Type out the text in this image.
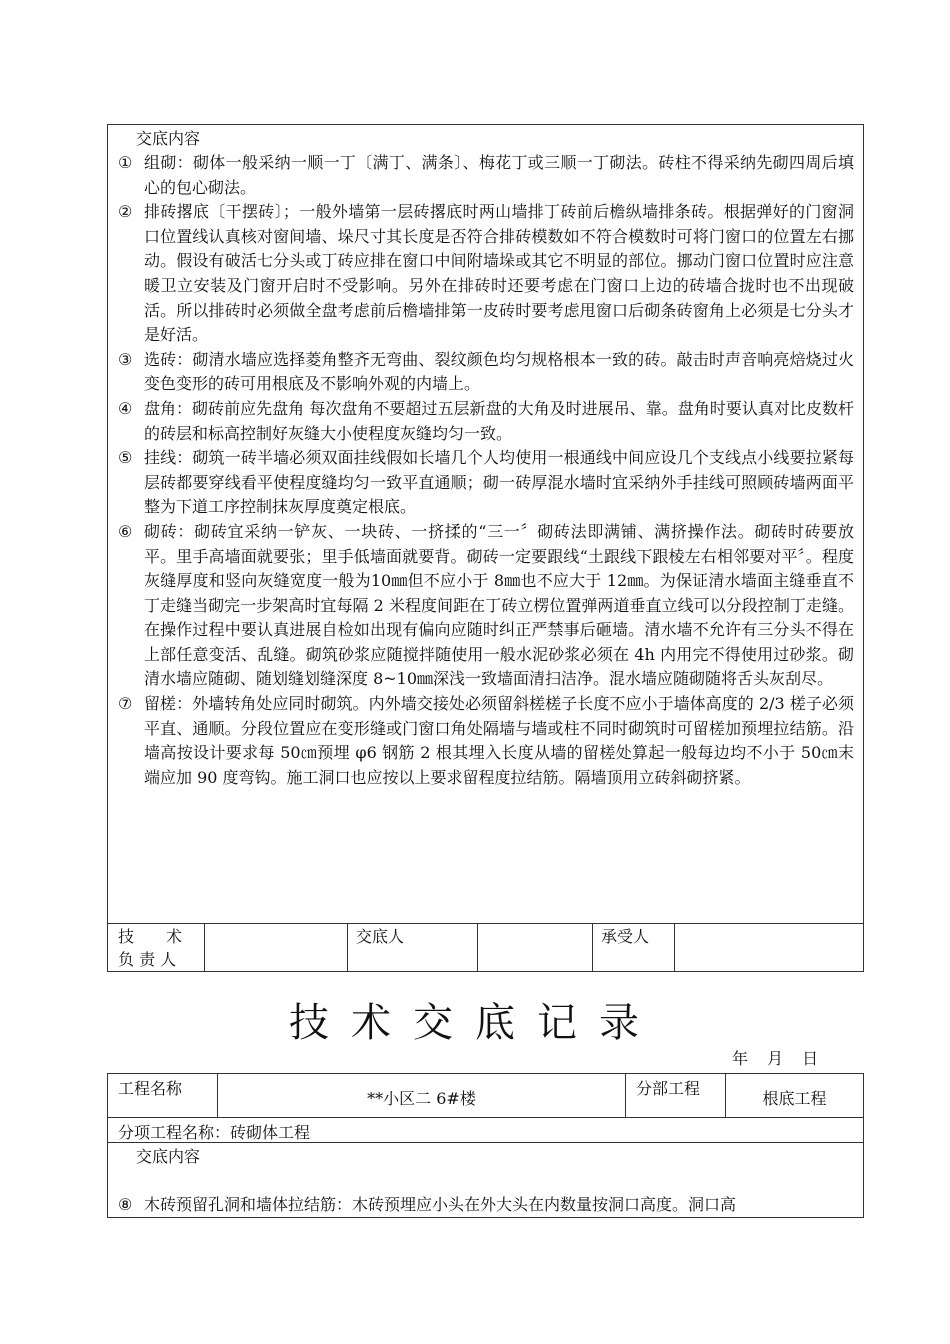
交底内容

① 组砌：砌体一般采纳一顺一丁〔满丁、满条〕、梅花丁或三顺一丁砌法。砖柱不得采纳先砌四周后填心的包心砌法。

② 排砖撂底〔干摆砖〕；一般外墙第一层砖撂底时两山墙排丁砖前后檐纵墙排条砖。根据弹好的门窗洞口位置线认真核对窗间墙、垛尺寸其长度是否符合排砖模数如不符合模数时可将门窗口的位置左右挪动。假设有破活七分头或丁砖应排在窗口中间附墙垛或其它不明显的部位。挪动门窗口位置时应注意暖卫立安装及门窗开启时不受影响。另外在排砖时还要考虑在门窗口上边的砖墙合拢时也不出现破活。所以排砖时必须做全盘考虑前后檐墙排第一皮砖时要考虑甩窗口后砌条砖窗角上必须是七分头才是好活。

③ 选砖：砌清水墙应选择菱角整齐无弯曲、裂纹颜色均匀规格根本一致的砖。敲击时声音响亮焙烧过火变色变形的砖可用根底及不影响外观的内墙上。

④ 盘角：砌砖前应先盘角 每次盘角不要超过五层新盘的大角及时进展吊、靠。盘角时要认真对比皮数杆的砖层和标高控制好灰缝大小使程度灰缝均匀一致。

⑤ 挂线：砌筑一砖半墙必须双面挂线假如长墙几个人均使用一根通线中间应设几个支线点小线要拉紧每层砖都要穿线看平使程度缝均匀一致平直通顺；砌一砖厚混水墙时宜采纳外手挂线可照顾砖墙两面平整为下道工序控制抹灰厚度奠定根底。

⑥ 砌砖：砌砖宜采纳一铲灰、一块砖、一挤揉的“三一〞砌砖法即满铺、满挤操作法。砌砖时砖要放平。里手高墙面就要张；里手低墙面就要背。砌砖一定要跟线“土跟线下跟棱左右相邻要对平〞。程度灰缝厚度和竖向灰缝宽度一般为10㎜但不应小于 8㎜也不应大于 12㎜。为保证清水墙面主缝垂直不丁走缝当砌完一步架高时宜每隔 2 米程度间距在丁砖立楞位置弹两道垂直立线可以分段控制丁走缝。在操作过程中要认真进展自检如出现有偏向应随时纠正严禁事后砸墙。清水墙不允许有三分头不得在上部任意变活、乱缝。砌筑砂浆应随搅拌随使用一般水泥砂浆必须在 4h 内用完不得使用过砂浆。砌清水墙应随砌、随划缝划缝深度 8~10㎜深浅一致墙面清扫洁净。混水墙应随砌随将舌头灰刮尽。

⑦ 留槎：外墙转角处应同时砌筑。内外墙交接处必须留斜槎槎子长度不应小于墙体高度的 2/3 槎子必须平直、通顺。分段位置应在变形缝或门窗口角处隔墙与墙或柱不同时砌筑时可留槎加预埋拉结筋。沿墙高按设计要求每 50㎝预埋 φ6 钢筋 2 根其埋入长度从墙的留槎处算起一般每边均不小于 50㎝末端应加 90 度弯钩。施工洞口也应按以上要求留程度拉结筋。隔墙顶用立砖斜砌挤紧。

技　　术
负 责 人
交底人	承受人
技术交底记录
年 月 日
工程名称
**小区二 6#楼
分部工程
根底工程
分项工程名称：砖砌体工程
交底内容

⑧ 木砖预留孔洞和墙体拉结筋：木砖预埋应小头在外大头在内数量按洞口高度。洞口高
